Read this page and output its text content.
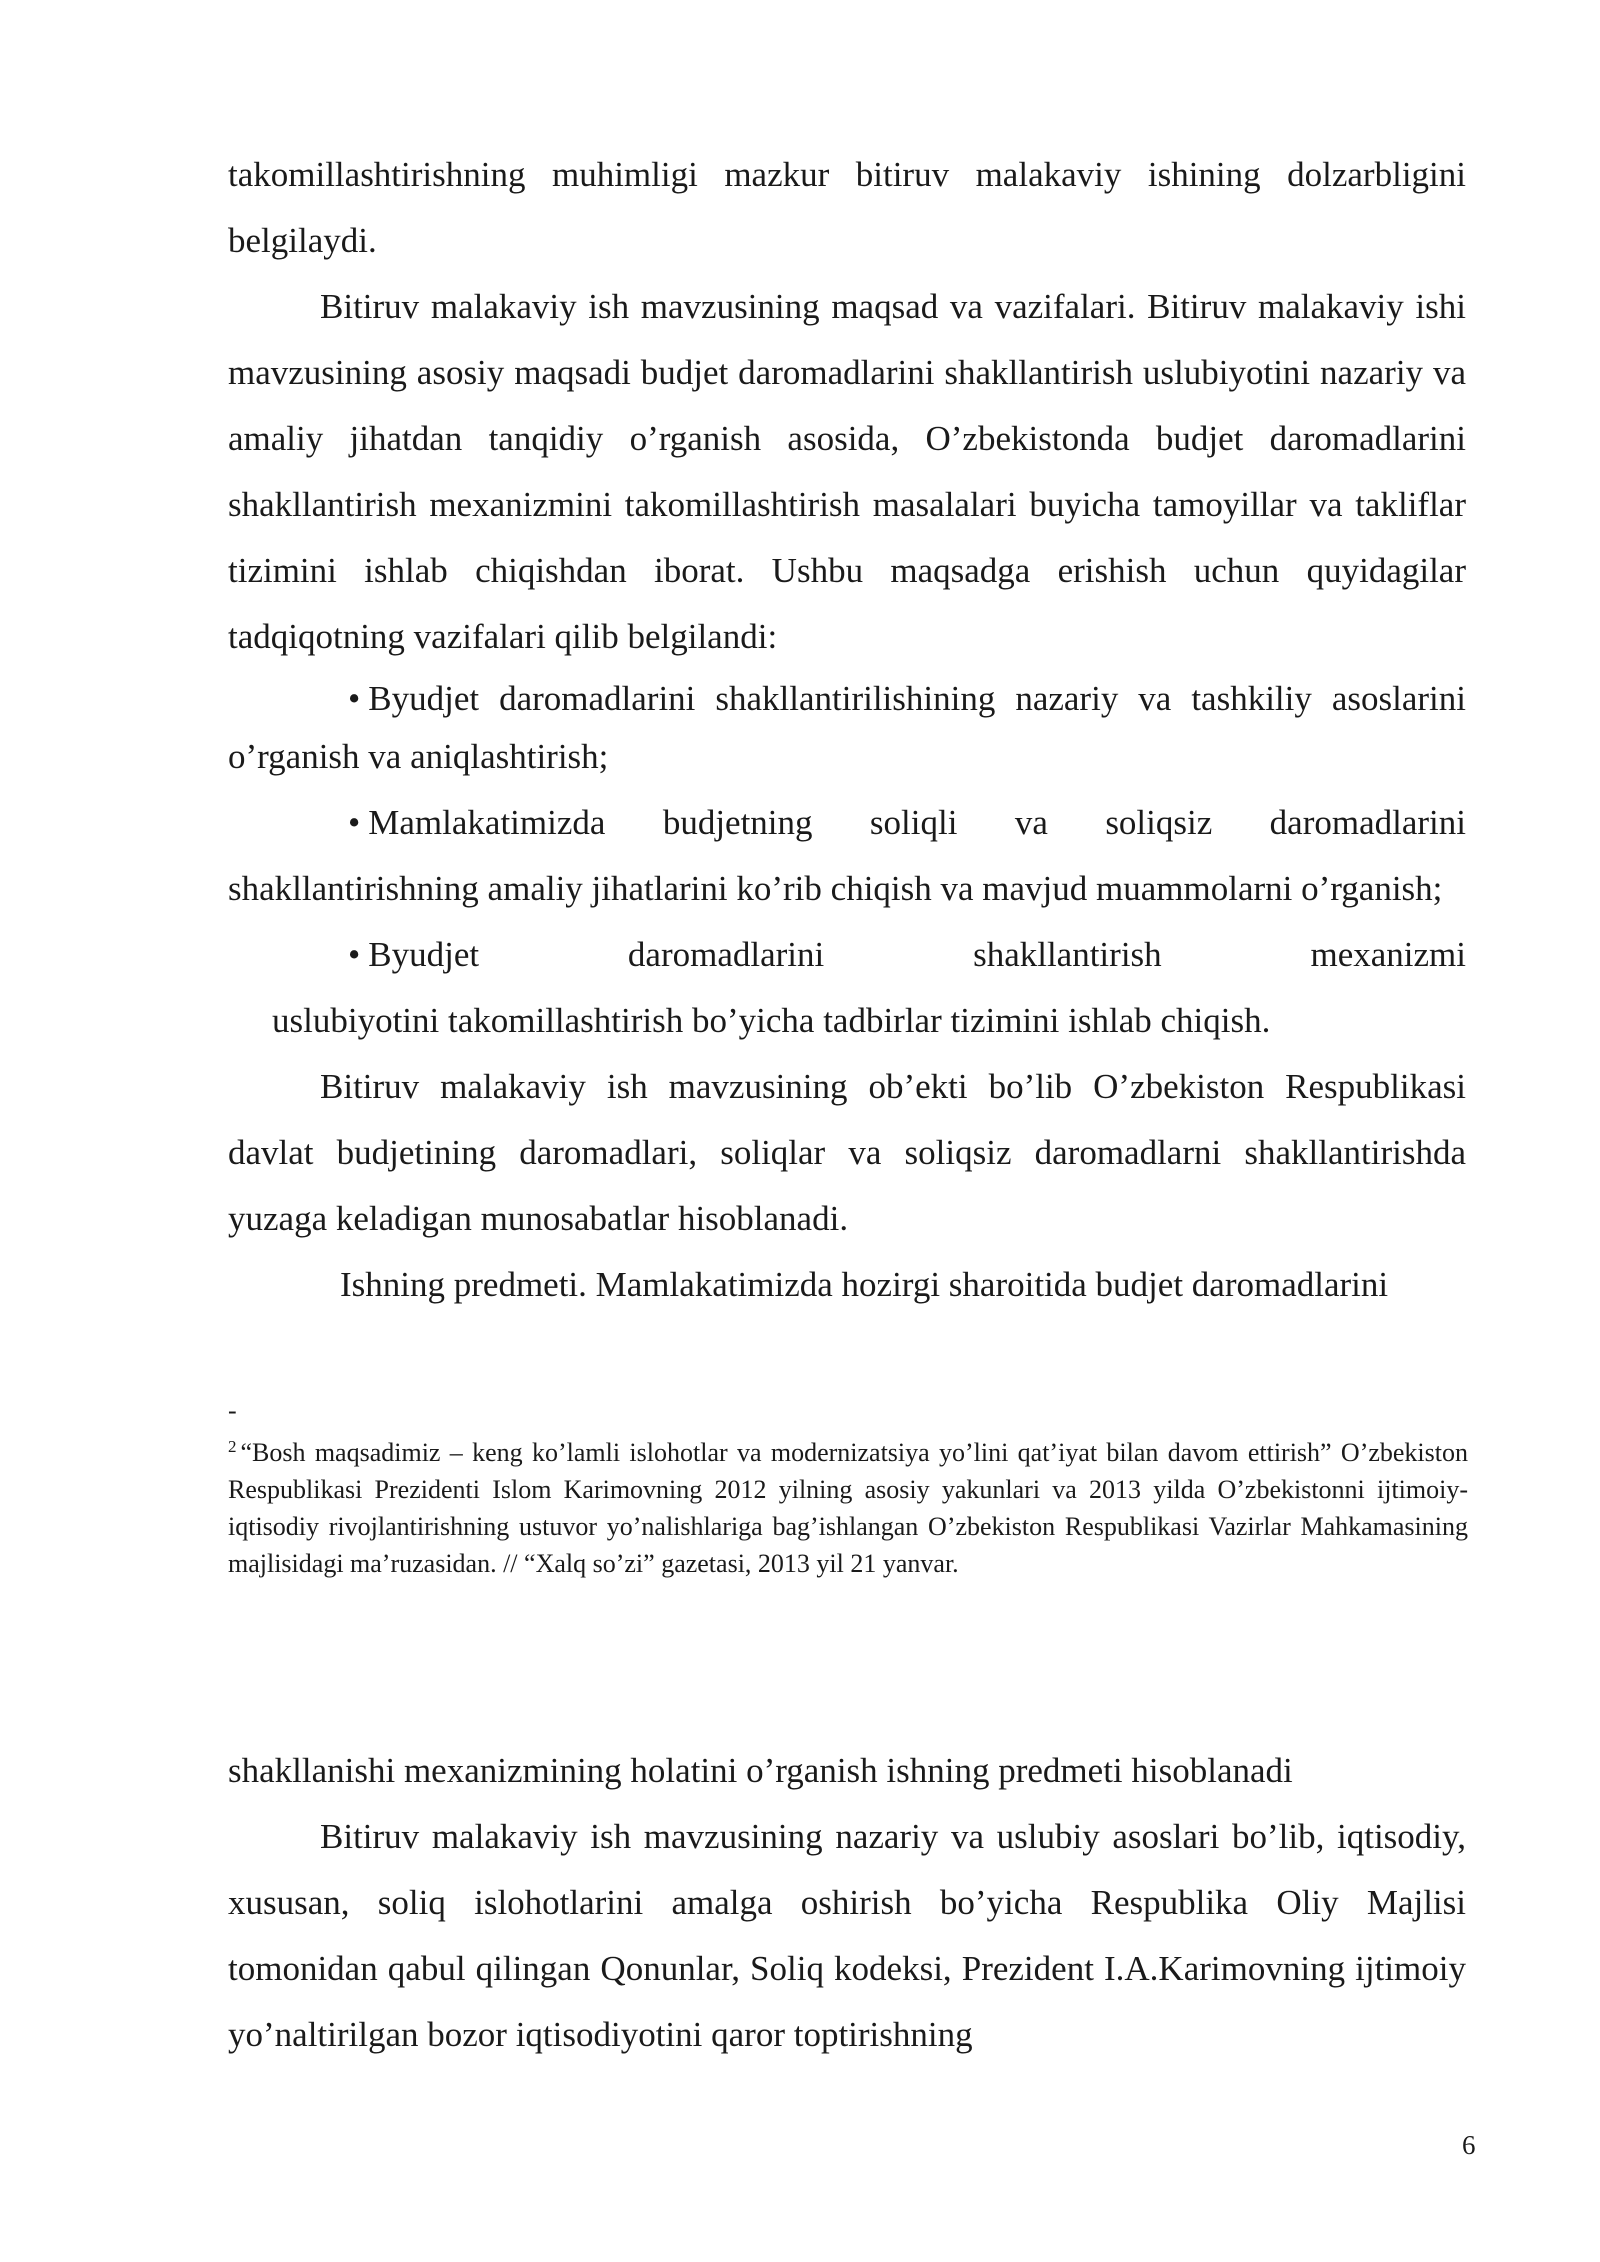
takomillashtirishning muhimligi mazkur bitiruv malakaviy ishining dolzarbligini belgilaydi.

Bitiruv malakaviy ish mavzusining maqsad va vazifalari. Bitiruv malakaviy ishi mavzusining asosiy maqsadi budjet daromadlarini shakllantirish uslubiyotini nazariy va amaliy jihatdan tanqidiy o’rganish asosida, O’zbekistonda budjet daromadlarini shakllantirish mexanizmini takomillashtirish masalalari buyicha tamoyillar va takliflar tizimini ishlab chiqishdan iborat. Ushbu maqsadga erishish uchun quyidagilar tadqiqotning vazifalari qilib belgilandi:

• Byudjet daromadlarini shakllantirilishining nazariy va tashkiliy asoslarini o’rganish va aniqlashtirish;

• Mamlakatimizda budjetning soliqli va soliqsiz daromadlarini shakllantirishning amaliy jihatlarini ko’rib chiqish va mavjud muammolarni o’rganish;

• Byudjet daromadlarini shakllantirish mexanizmi

uslubiyotini takomillashtirish bo’yicha tadbirlar tizimini ishlab chiqish.

Bitiruv malakaviy ish mavzusining ob’ekti bo’lib O’zbekiston Respublikasi davlat budjetining daromadlari, soliqlar va soliqsiz daromadlarni shakllantirishda yuzaga keladigan munosabatlar hisoblanadi.

Ishning predmeti. Mamlakatimizda hozirgi sharoitida budjet daromadlarini

-

$^2$ “Bosh maqsadimiz – keng ko’lamli islohotlar va modernizatsiya yo’lini qat’iyat bilan davom ettirish” O’zbekiston Respublikasi Prezidenti Islom Karimovning 2012 yilning asosiy yakunlari va 2013 yilda O’zbekistonni ijtimoiy-iqtisodiy rivojlantirishning ustuvor yo’nalishlariga bag’ishlangan O’zbekiston Respublikasi Vazirlar Mahkamasining majlisidagi ma’ruzasidan. // “Xalq so’zi” gazetasi, 2013 yil 21 yanvar.

shakllanishi mexanizmining holatini o’rganish ishning predmeti hisoblanadi

Bitiruv malakaviy ish mavzusining nazariy va uslubiy asoslari bo’lib, iqtisodiy, xususan, soliq islohotlarini amalga oshirish bo’yicha Respublika Oliy Majlisi tomonidan qabul qilingan Qonunlar, Soliq kodeksi, Prezident I.A.Karimovning ijtimoiy yo’naltirilgan bozor iqtisodiyotini qaror toptirishning

6
